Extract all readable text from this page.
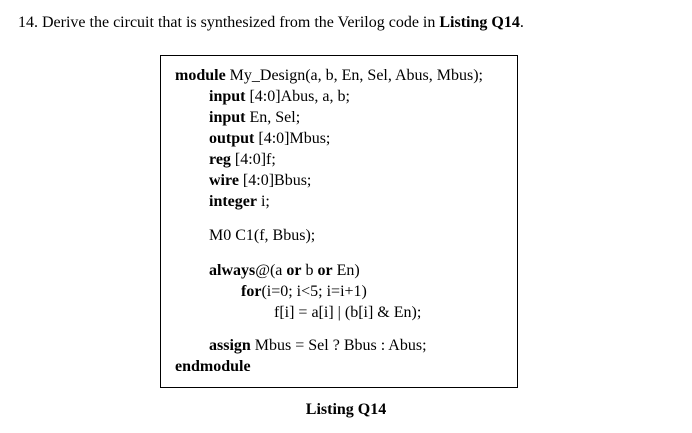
14. Derive the circuit that is synthesized from the Verilog code in Listing Q14.
module My_Design(a, b, En, Sel, Abus, Mbus);
input [4:0]Abus, a, b;
input En, Sel;
output [4:0]Mbus;
reg [4:0]f;
wire [4:0]Bbus;
integer i;
M0 C1(f, Bbus);
always@(a or b or En)
for(i=0; i<5; i=i+1)
f[i] = a[i] | (b[i] & En);
assign Mbus = Sel ? Bbus : Abus;
endmodule
Listing Q14
